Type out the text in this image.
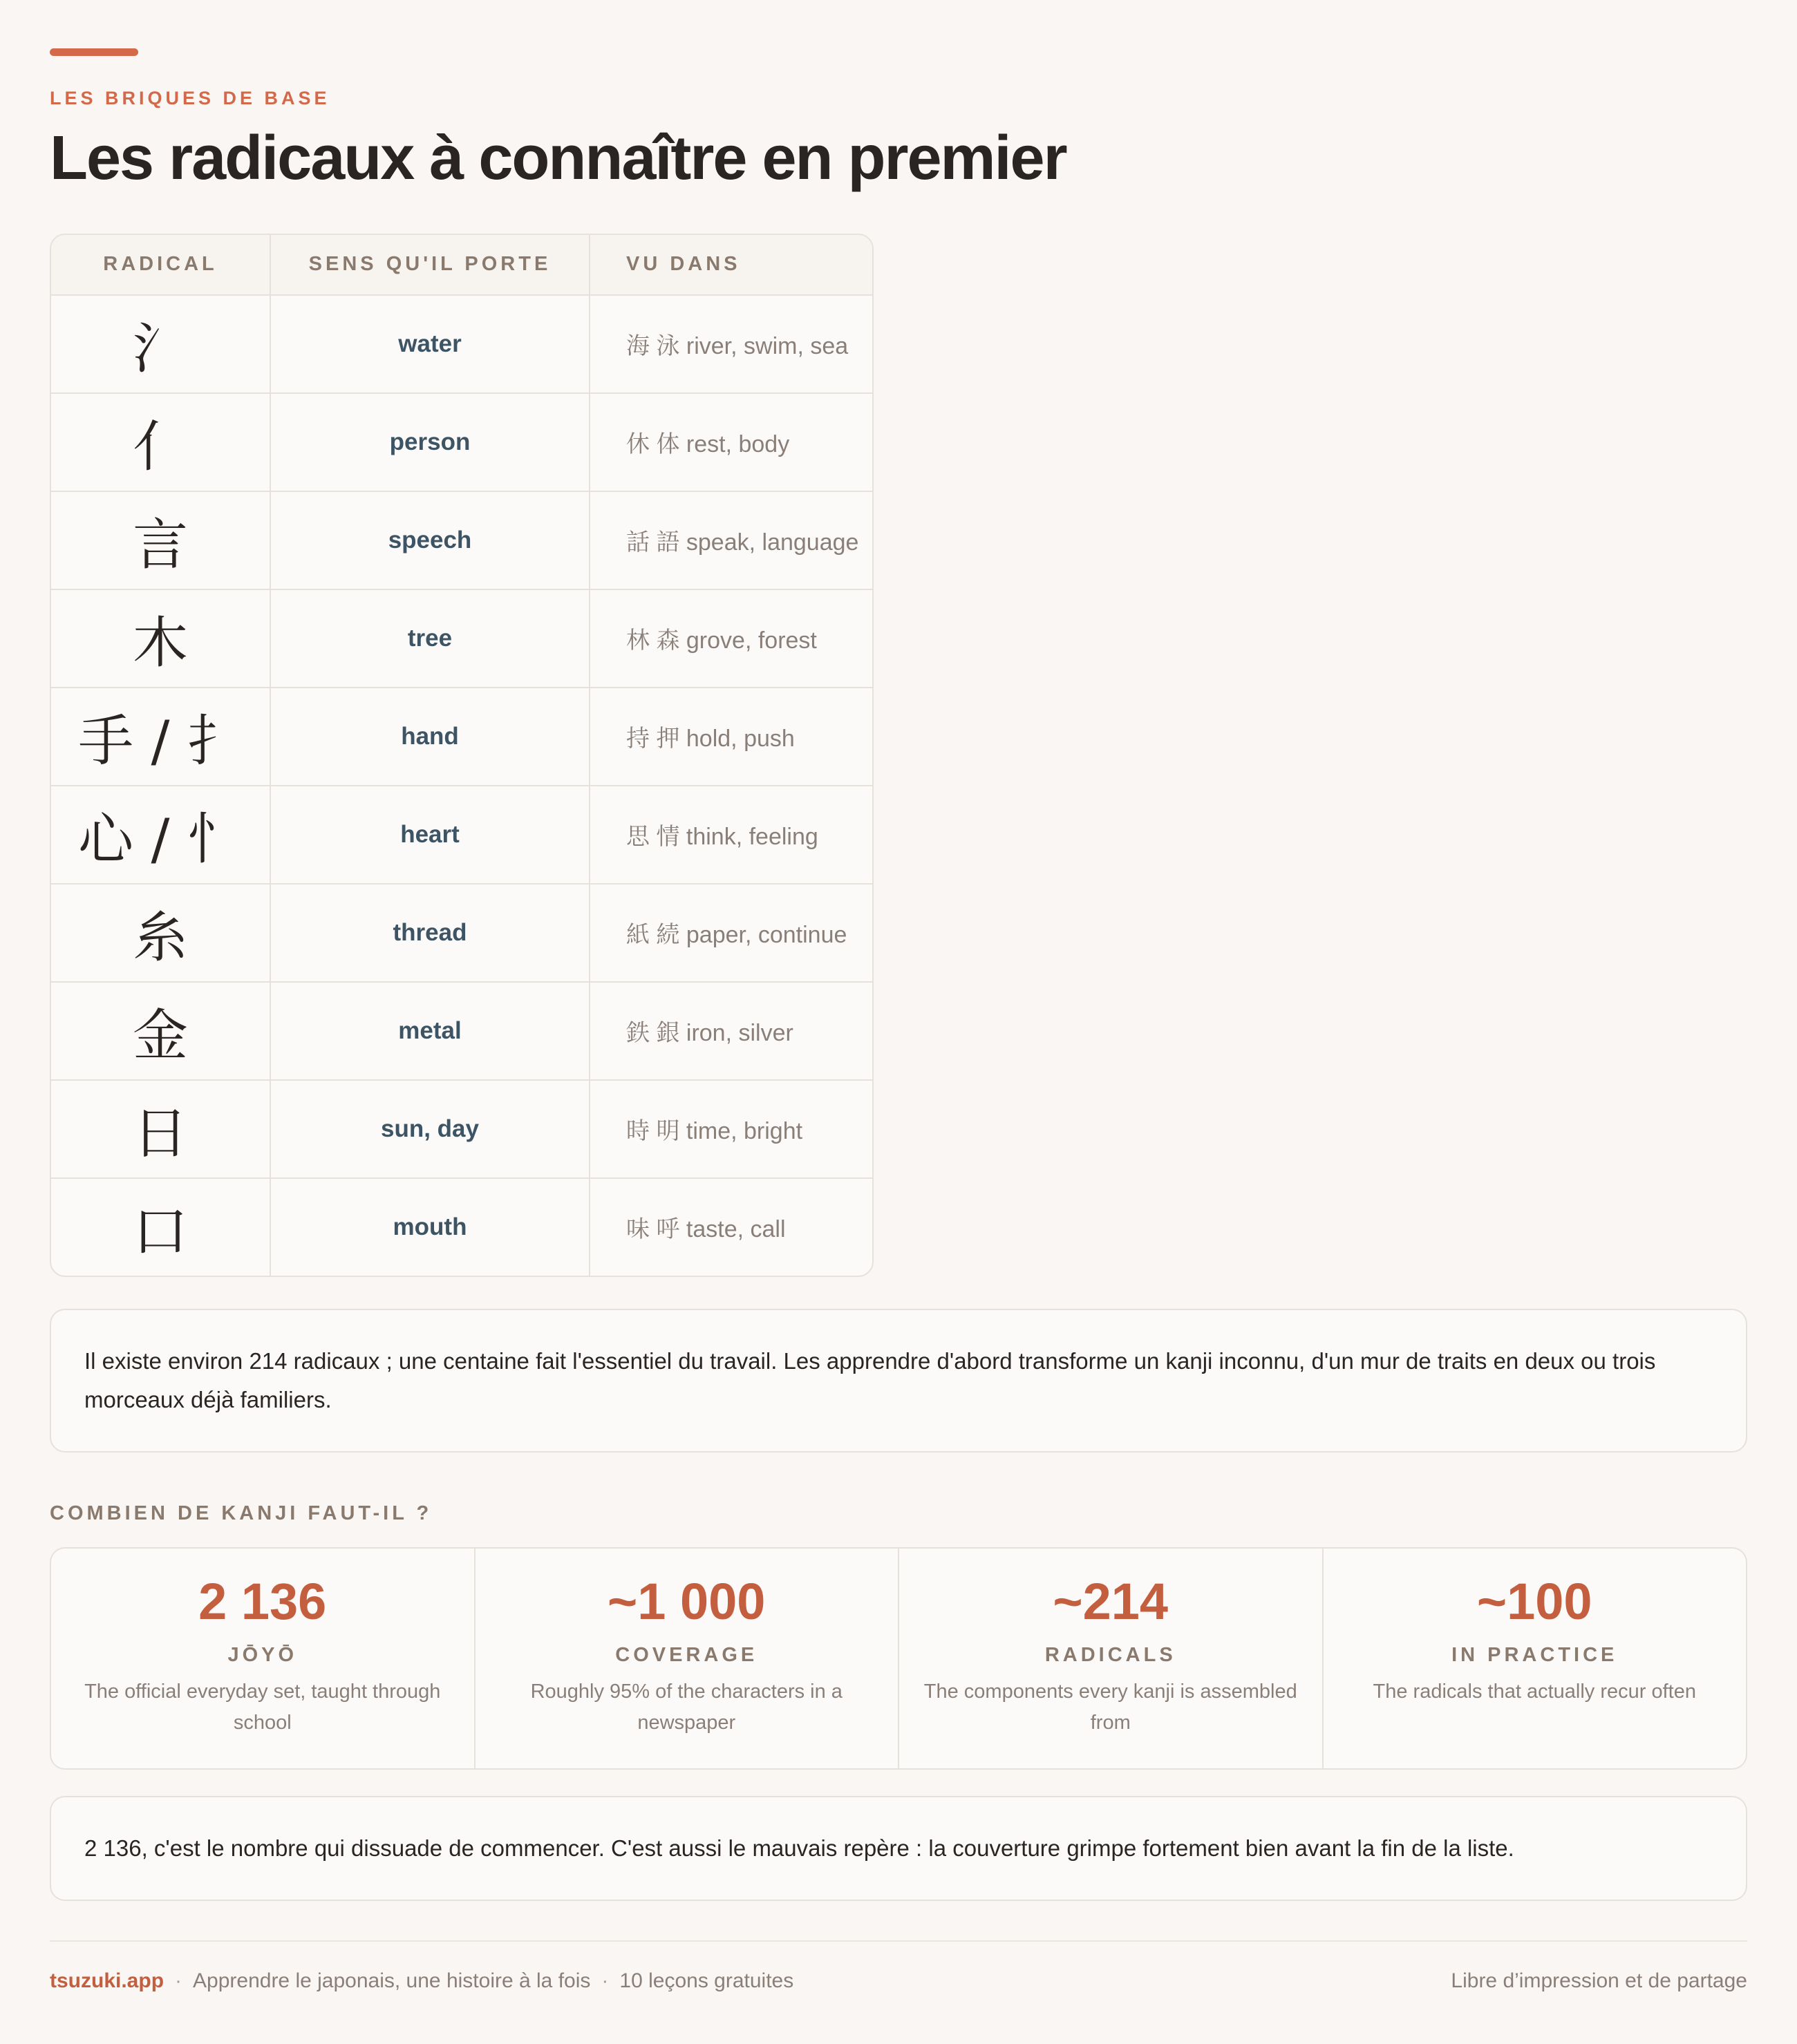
LES BRIQUES DE BASE
Les radicaux à connaître en premier
RADICAL	SENS QU'IL PORTE	VU DANS
氵	water	海 泳 river, swim, sea
亻	person	休 体 rest, body
言	speech	話 語 speak, language
木	tree	林 森 grove, forest
手 / 扌	hand	持 押 hold, push
心 / 忄	heart	思 情 think, feeling
糸	thread	紙 続 paper, continue
金	metal	鉄 銀 iron, silver
日	sun, day	時 明 time, bright
口	mouth	味 呼 taste, call
Il existe environ 214 radicaux ; une centaine fait l'essentiel du travail. Les apprendre d'abord transforme un kanji inconnu, d'un mur de traits en deux ou trois morceaux déjà familiers.
COMBIEN DE KANJI FAUT-IL ?
2 136
JŌYŌ
The official everyday set, taught through school
~1 000
COVERAGE
Roughly 95% of the characters in a newspaper
~214
RADICALS
The components every kanji is assembled from
~100
IN PRACTICE
The radicals that actually recur often
2 136, c'est le nombre qui dissuade de commencer. C'est aussi le mauvais repère : la couverture grimpe fortement bien avant la fin de la liste.
tsuzuki.app · Apprendre le japonais, une histoire à la fois · 10 leçons gratuites	Libre d’impression et de partage
